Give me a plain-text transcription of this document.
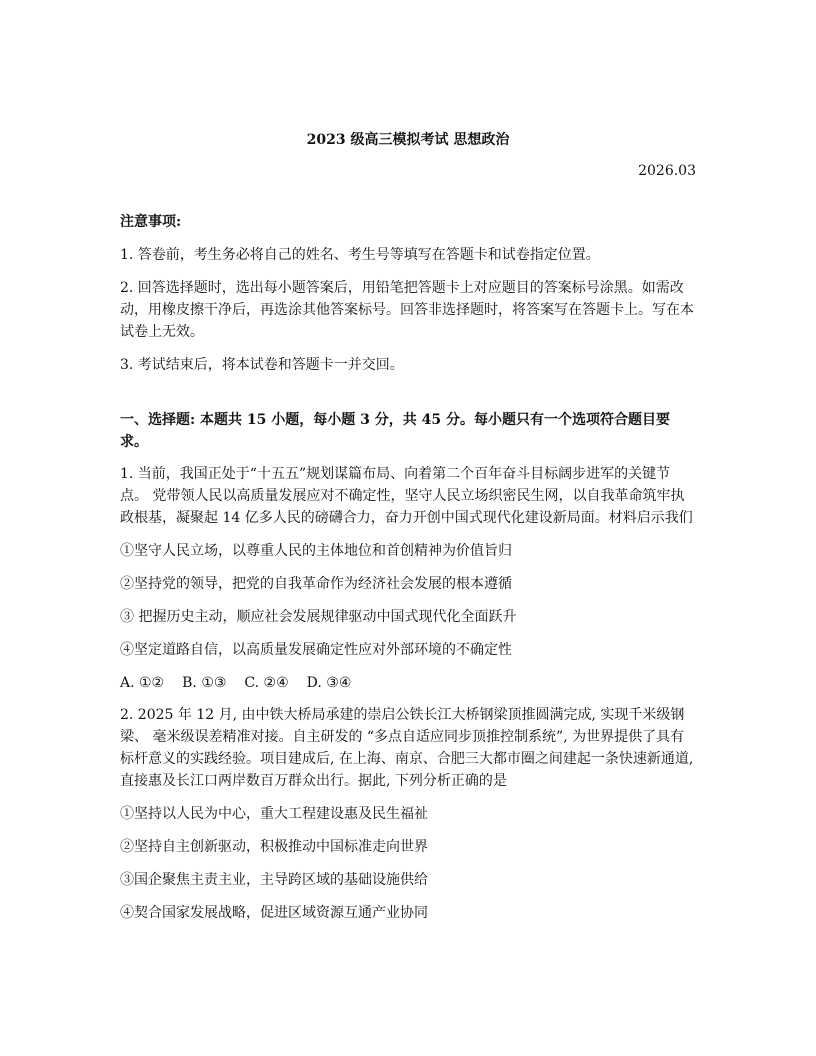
2023 级高三模拟考试 思想政治
2026.03

注意事项:

1. 答卷前，考生务必将自己的姓名、考生号等填写在答题卡和试卷指定位置。

2. 回答选择题时，选出每小题答案后，用铅笔把答题卡上对应题目的答案标号涂黑。如需改动，用橡皮擦干净后，再选涂其他答案标号。回答非选择题时，将答案写在答题卡上。写在本试卷上无效。

3. 考试结束后，将本试卷和答题卡一并交回。

一、选择题: 本题共 15 小题，每小题 3 分，共 45 分。每小题只有一个选项符合题目要求。

1. 当前，我国正处于“十五五”规划谋篇布局、向着第二个百年奋斗目标阔步进军的关键节点。 党带领人民以高质量发展应对不确定性，坚守人民立场织密民生网，以自我革命筑牢执政根基，凝聚起 14 亿多人民的磅礴合力，奋力开创中国式现代化建设新局面。材料启示我们

①坚守人民立场，以尊重人民的主体地位和首创精神为价值旨归

②坚持党的领导，把党的自我革命作为经济社会发展的根本遵循

③ 把握历史主动，顺应社会发展规律驱动中国式现代化全面跃升

④坚定道路自信，以高质量发展确定性应对外部环境的不确定性

A. ①② B. ①③ C. ②④ D. ③④

2. 2025 年 12 月, 由中铁大桥局承建的崇启公铁长江大桥钢梁顶推圆满完成, 实现千米级钢梁、 毫米级误差精准对接。自主研发的 “多点自适应同步顶推控制系统”, 为世界提供了具有标杆意义的实践经验。项目建成后, 在上海、南京、合肥三大都市圈之间建起一条快速新通道, 直接惠及长江口两岸数百万群众出行。据此, 下列分析正确的是

①坚持以人民为中心，重大工程建设惠及民生福祉

②坚持自主创新驱动，积极推动中国标准走向世界

③国企聚焦主责主业，主导跨区域的基础设施供给

④契合国家发展战略，促进区域资源互通产业协同
